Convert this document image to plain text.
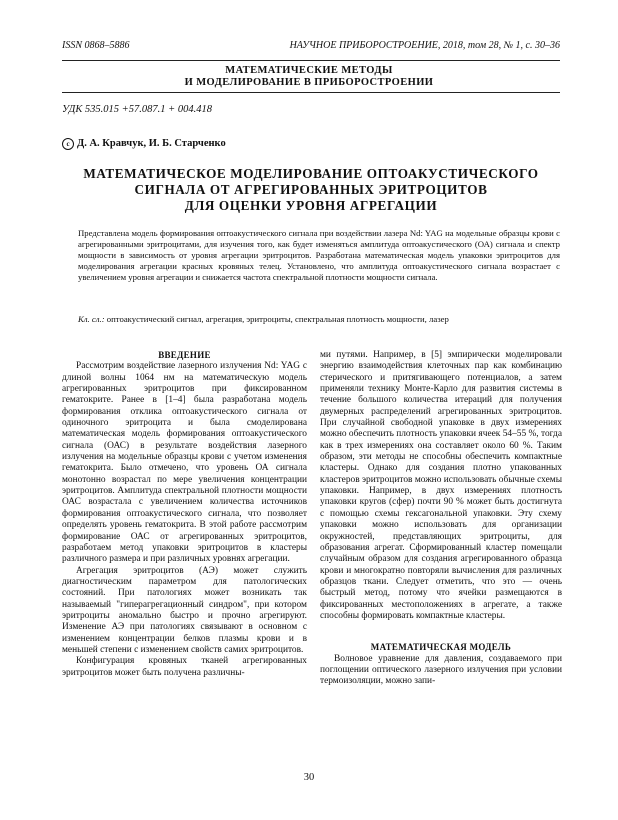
ISSN 0868–5886	НАУЧНОЕ ПРИБОРОСТРОЕНИЕ, 2018, том 28, № 1, с. 30–36
МАТЕМАТИЧЕСКИЕ МЕТОДЫ
И МОДЕЛИРОВАНИЕ В ПРИБОРОСТРОЕНИИ
УДК 535.015 +57.087.1 + 004.418
c Д. А. Кравчук, И. Б. Старченко
МАТЕМАТИЧЕСКОЕ МОДЕЛИРОВАНИЕ ОПТОАКУСТИЧЕСКОГО
СИГНАЛА ОТ АГРЕГИРОВАННЫХ ЭРИТРОЦИТОВ
ДЛЯ ОЦЕНКИ УРОВНЯ АГРЕГАЦИИ
Представлена модель формирования оптоакустического сигнала при воздействии лазера Nd: YAG на модельные образцы крови с агрегированными эритроцитами, для изучения того, как будет изменяться амплитуда оптоакустического (ОА) сигнала и спектр мощности в зависимость от уровня агрегации эритроцитов. Разработана математическая модель упаковки эритроцитов для моделирования агрегации красных кровяных телец. Установлено, что амплитуда оптоакустического сигнала возрастает с увеличением уровня агрегации и снижается частота спектральной плотности мощности сигнала.
Кл. сл.: оптоакустический сигнал, агрегация, эритроциты, спектральная плотность мощности, лазер

ВВЕДЕНИЕ

Рассмотрим воздействие лазерного излучения Nd: YAG с длиной волны 1064 нм на математическую модель агрегированных эритроцитов при фиксированном гематокрите. Ранее в [1–4] была разработана модель формирования отклика оптоакустического сигнала от одиночного эритроцита и была смоделирована математическая модель формирования оптоакустического сигнала (ОАС) в результате воздействия лазерного излучения на модельные образцы крови с учетом изменения гематокрита. Было отмечено, что уровень ОА сигнала монотонно возрастал по мере увеличения концентрации эритроцитов. Амплитуда спектральной плотности мощности ОАС возрастала с увеличением количества источников формирования оптоакустического сигнала, что позволяет определять уровень гематокрита. В этой работе рассмотрим формирование ОАС от агрегированных эритроцитов, разработаем метод упаковки эритроцитов в кластеры различного размера и при различных уровнях агрегации.

Агрегация эритроцитов (АЭ) может служить диагностическим параметром для патологических состояний. При патологиях может возникать так называемый "гиперагрегационный синдром", при котором эритроциты аномально быстро и прочно агрегируют. Изменение АЭ при патологиях связывают в основном с изменением концентрации белков плазмы крови и в меньшей степени с изменением свойств самих эритроцитов.

Конфигурация кровяных тканей агрегированных эритроцитов может быть получена различны-

ми путями. Например, в [5] эмпирически моделировали энергию взаимодействия клеточных пар как комбинацию стерического и притягивающего потенциалов, а затем применяли технику Монте-Карло для развития системы в течение большого количества итераций для получения двумерных распределений агрегированных эритроцитов. При случайной свободной упаковке в двух измерениях можно обеспечить плотность упаковки ячеек 54–55 %, тогда как в трех измерениях она составляет около 60 %. Таким образом, эти методы не способны обеспечить компактные кластеры. Однако для создания плотно упакованных кластеров эритроцитов можно использовать обычные схемы упаковки. Например, в двух измерениях плотность упаковки кругов (сфер) почти 90 % может быть достигнута с помощью схемы гексагональной упаковки. Эту схему упаковки можно использовать для организации окружностей, представляющих эритроциты, для образования агрегат. Сформированный кластер помещали случайным образом для создания агрегированного образца крови и многократно повторяли вычисления для различных образцов ткани. Следует отметить, что это — очень быстрый метод, потому что ячейки размещаются в фиксированных местоположениях в агрегате, а также способны формировать компактные кластеры.

МАТЕМАТИЧЕСКАЯ МОДЕЛЬ

Волновое уравнение для давления, создаваемого при поглощении оптического лазерного излучения при условии термоизоляции, можно запи-

30
